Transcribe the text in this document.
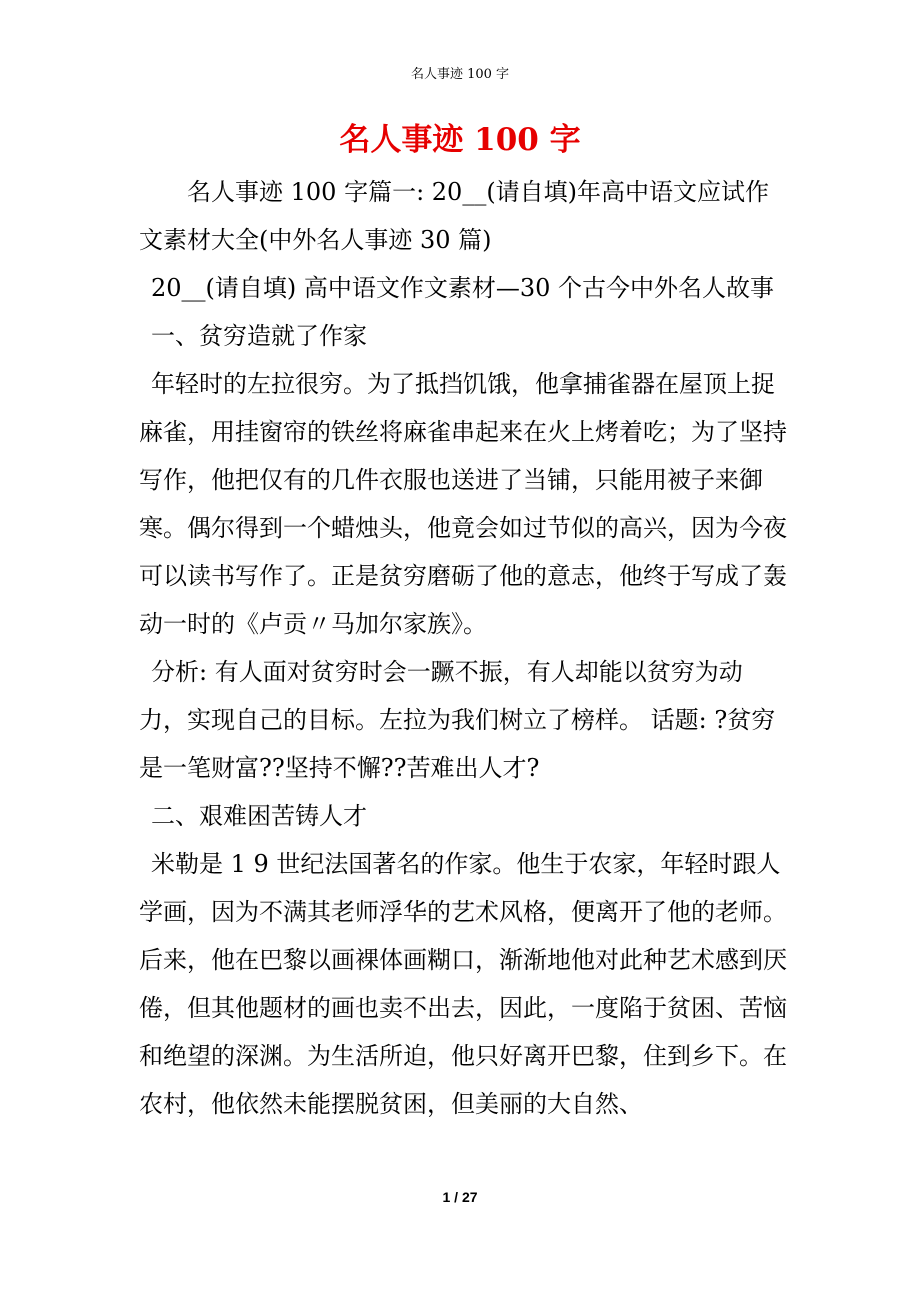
名人事迹 100 字
名人事迹 100 字

名人事迹 100 字篇一: 20__(请自填)年高中语文应试作文素材大全(中外名人事迹 30 篇)

20__(请自填) 高中语文作文素材—30 个古今中外名人故事

一、贫穷造就了作家

年轻时的左拉很穷。为了抵挡饥饿，他拿捕雀器在屋顶上捉麻雀，用挂窗帘的铁丝将麻雀串起来在火上烤着吃；为了坚持写作，他把仅有的几件衣服也送进了当铺，只能用被子来御寒。偶尔得到一个蜡烛头，他竟会如过节似的高兴，因为今夜可以读书写作了。正是贫穷磨砺了他的意志，他终于写成了轰动一时的《卢贡〃马加尔家族》。

分析: 有人面对贫穷时会一蹶不振，有人却能以贫穷为动力，实现自己的目标。左拉为我们树立了榜样。 话题: ?贫穷是一笔财富??坚持不懈??苦难出人才?

二、艰难困苦铸人才

米勒是 1 9 世纪法国著名的作家。他生于农家，年轻时跟人学画，因为不满其老师浮华的艺术风格，便离开了他的老师。后来，他在巴黎以画裸体画糊口，渐渐地他对此种艺术感到厌倦，但其他题材的画也卖不出去，因此，一度陷于贫困、苦恼和绝望的深渊。为生活所迫，他只好离开巴黎，住到乡下。在农村，他依然未能摆脱贫困，但美丽的大自然、

1 / 27
